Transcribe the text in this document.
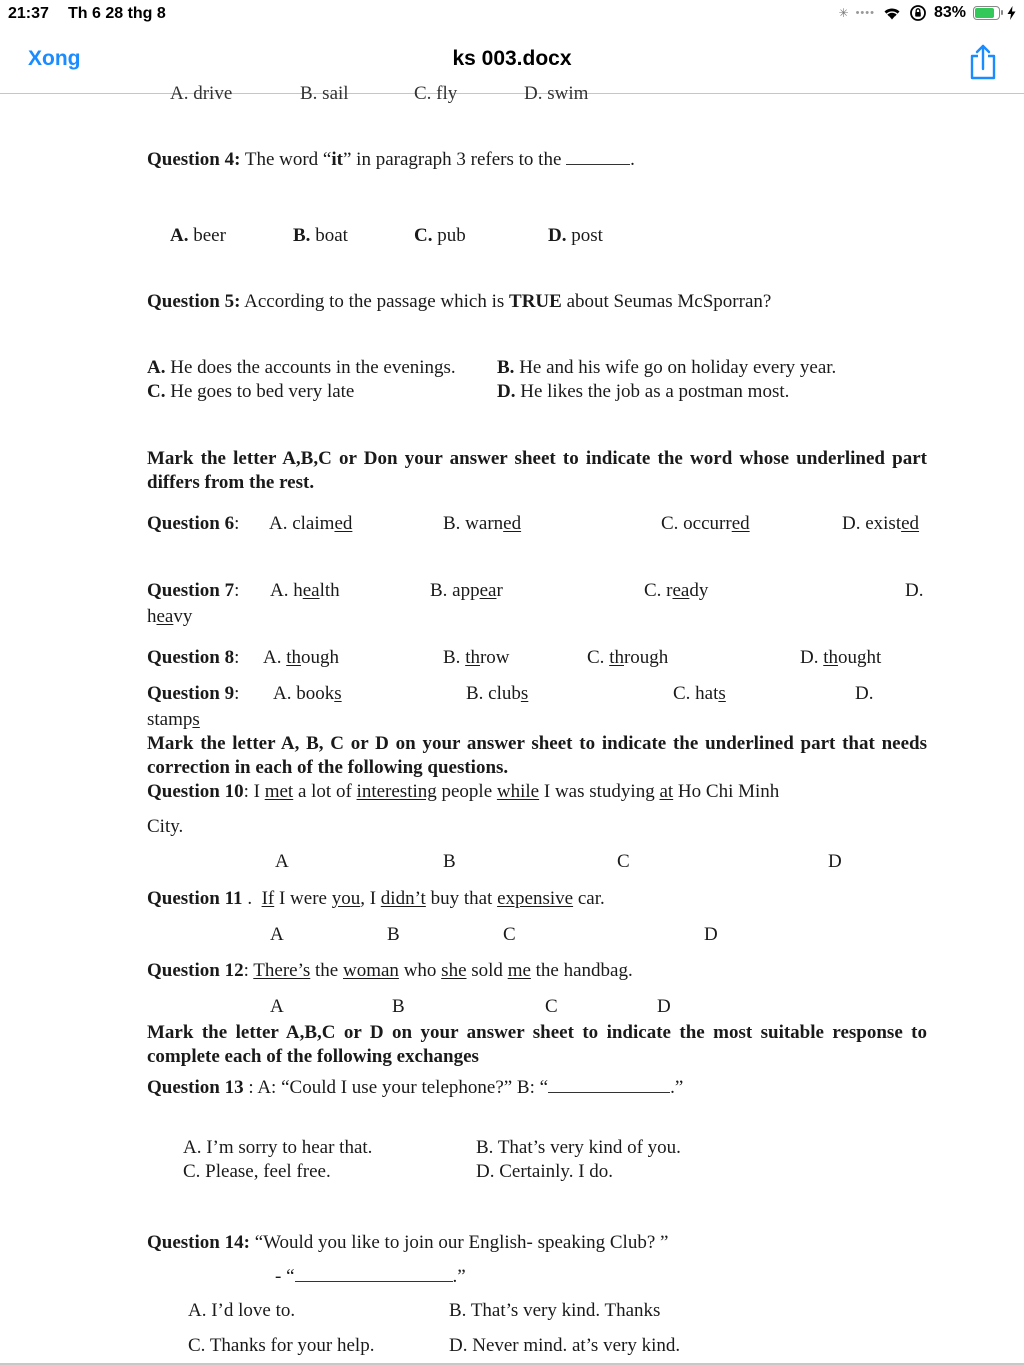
21:37 Th 6 28 thg 8	✳ ••••	83%
Xong	ks 003.docx
A. drive	B. sail	C. fly	D. swim
Question 4: The word “it” in paragraph 3 refers to the	.
A. beer	B. boat	C. pub	D. post
Question 5: According to the passage which is TRUE about Seumas McSporran?
A. He does the accounts in the evenings. B. He and his wife go on holiday every year.
C. He goes to bed very late	D. He likes the job as a postman most.
Mark the letter A,B,C or Don your answer sheet to indicate the word whose underlined part differs from the rest.
Question 6: A. claimed	B. warned	C. occurred	D. existed
Question 7: A. health	B. appear	C. ready	D.
heavy
Question 8: A. though	B. throw	C. through	D. thought
Question 9: A. books	B. clubs	C. hats	D.
stamps
Mark the letter A, B, C or D on your answer sheet to indicate the underlined part that needs correction in each of the following questions.
Question 10: I met a lot of interesting people while I was studying at Ho Chi Minh
City.
A	B	C	D
Question 11 .  If I were you, I didn’t buy that expensive car.
A	B	C	D
Question 12: There’s the woman who she sold me the handbag.
A	B	C	D
Mark the letter A,B,C or D on your answer sheet to indicate the most suitable response to complete each of the following exchanges
Question 13 : A: “Could I use your telephone?” B: “	.”
A. I’m sorry to hear that.	B. That’s very kind of you.
C. Please, feel free.	D. Certainly. I do.
Question 14: “Would you like to join our English- speaking Club? ”
- “	.”
A. I’d love to.	B. That’s very kind. Thanks
C. Thanks for your help.	D. Never mind. at’s very kind.
